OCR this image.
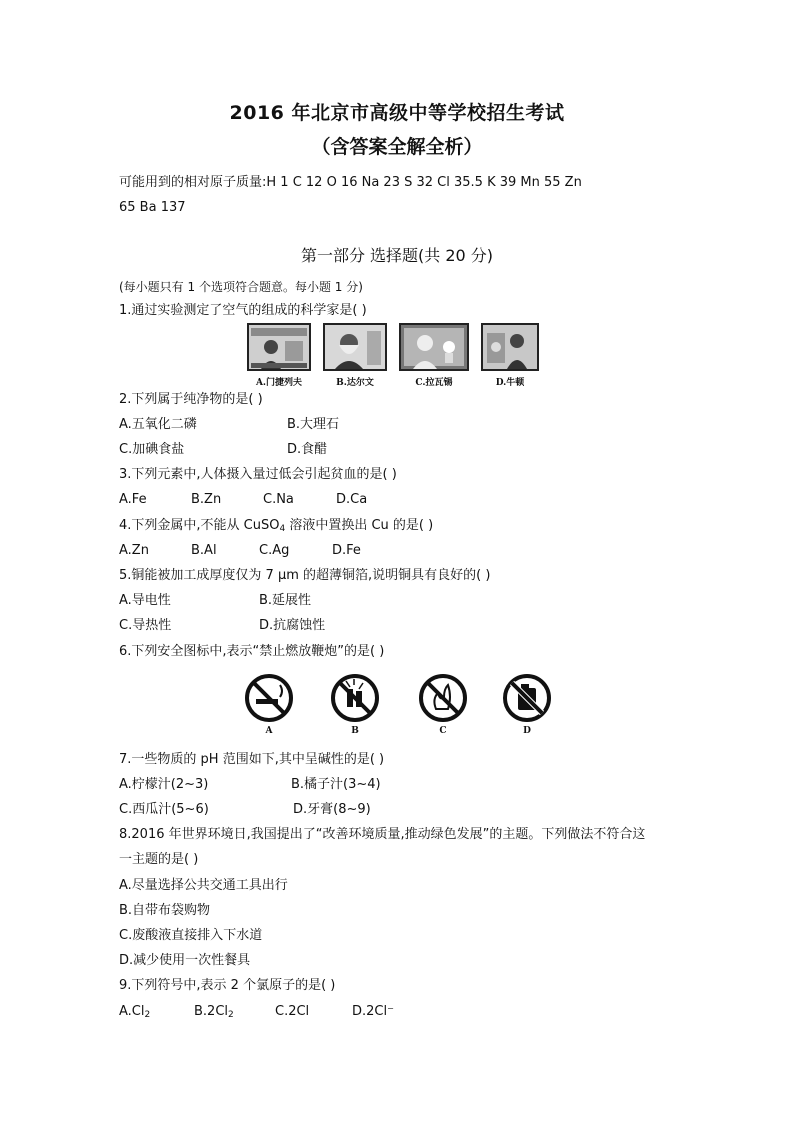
2016 年北京市高级中等学校招生考试
（含答案全解全析）
可能用到的相对原子质量:H 1 C 12 O 16 Na 23 S 32 Cl 35.5 K 39 Mn 55 Zn
65 Ba 137
第一部分 选择题(共 20 分)
(每小题只有 1 个选项符合题意。每小题 1 分)
1.通过实验测定了空气的组成的科学家是( )
A.门捷列夫	B.达尔文	C.拉瓦锡	D.牛顿
2.下列属于纯净物的是( )
A.五氧化二磷	B.大理石
C.加碘食盐	D.食醋
3.下列元素中,人体摄入量过低会引起贫血的是( )
A.Fe	B.Zn	C.Na	D.Ca
4.下列金属中,不能从 CuSO$_4$ 溶液中置换出 Cu 的是( )
A.Zn	B.Al	C.Ag	D.Fe
5.铜能被加工成厚度仅为 7 μm 的超薄铜箔,说明铜具有良好的( )
A.导电性	B.延展性
C.导热性	D.抗腐蚀性
6.下列安全图标中,表示“禁止燃放鞭炮”的是( )
A	B	C	D
7.一些物质的 pH 范围如下,其中呈碱性的是( )
A.柠檬汁(2~3)	B.橘子汁(3~4)
C.西瓜汁(5~6)	D.牙膏(8~9)
8.2016 年世界环境日,我国提出了“改善环境质量,推动绿色发展”的主题。下列做法不符合这
一主题的是( )
A.尽量选择公共交通工具出行
B.自带布袋购物
C.废酸液直接排入下水道
D.减少使用一次性餐具
9.下列符号中,表示 2 个氯原子的是( )
$A.Cl_2$	$B.2Cl_2$	C.2Cl	D.2Cl⁻
